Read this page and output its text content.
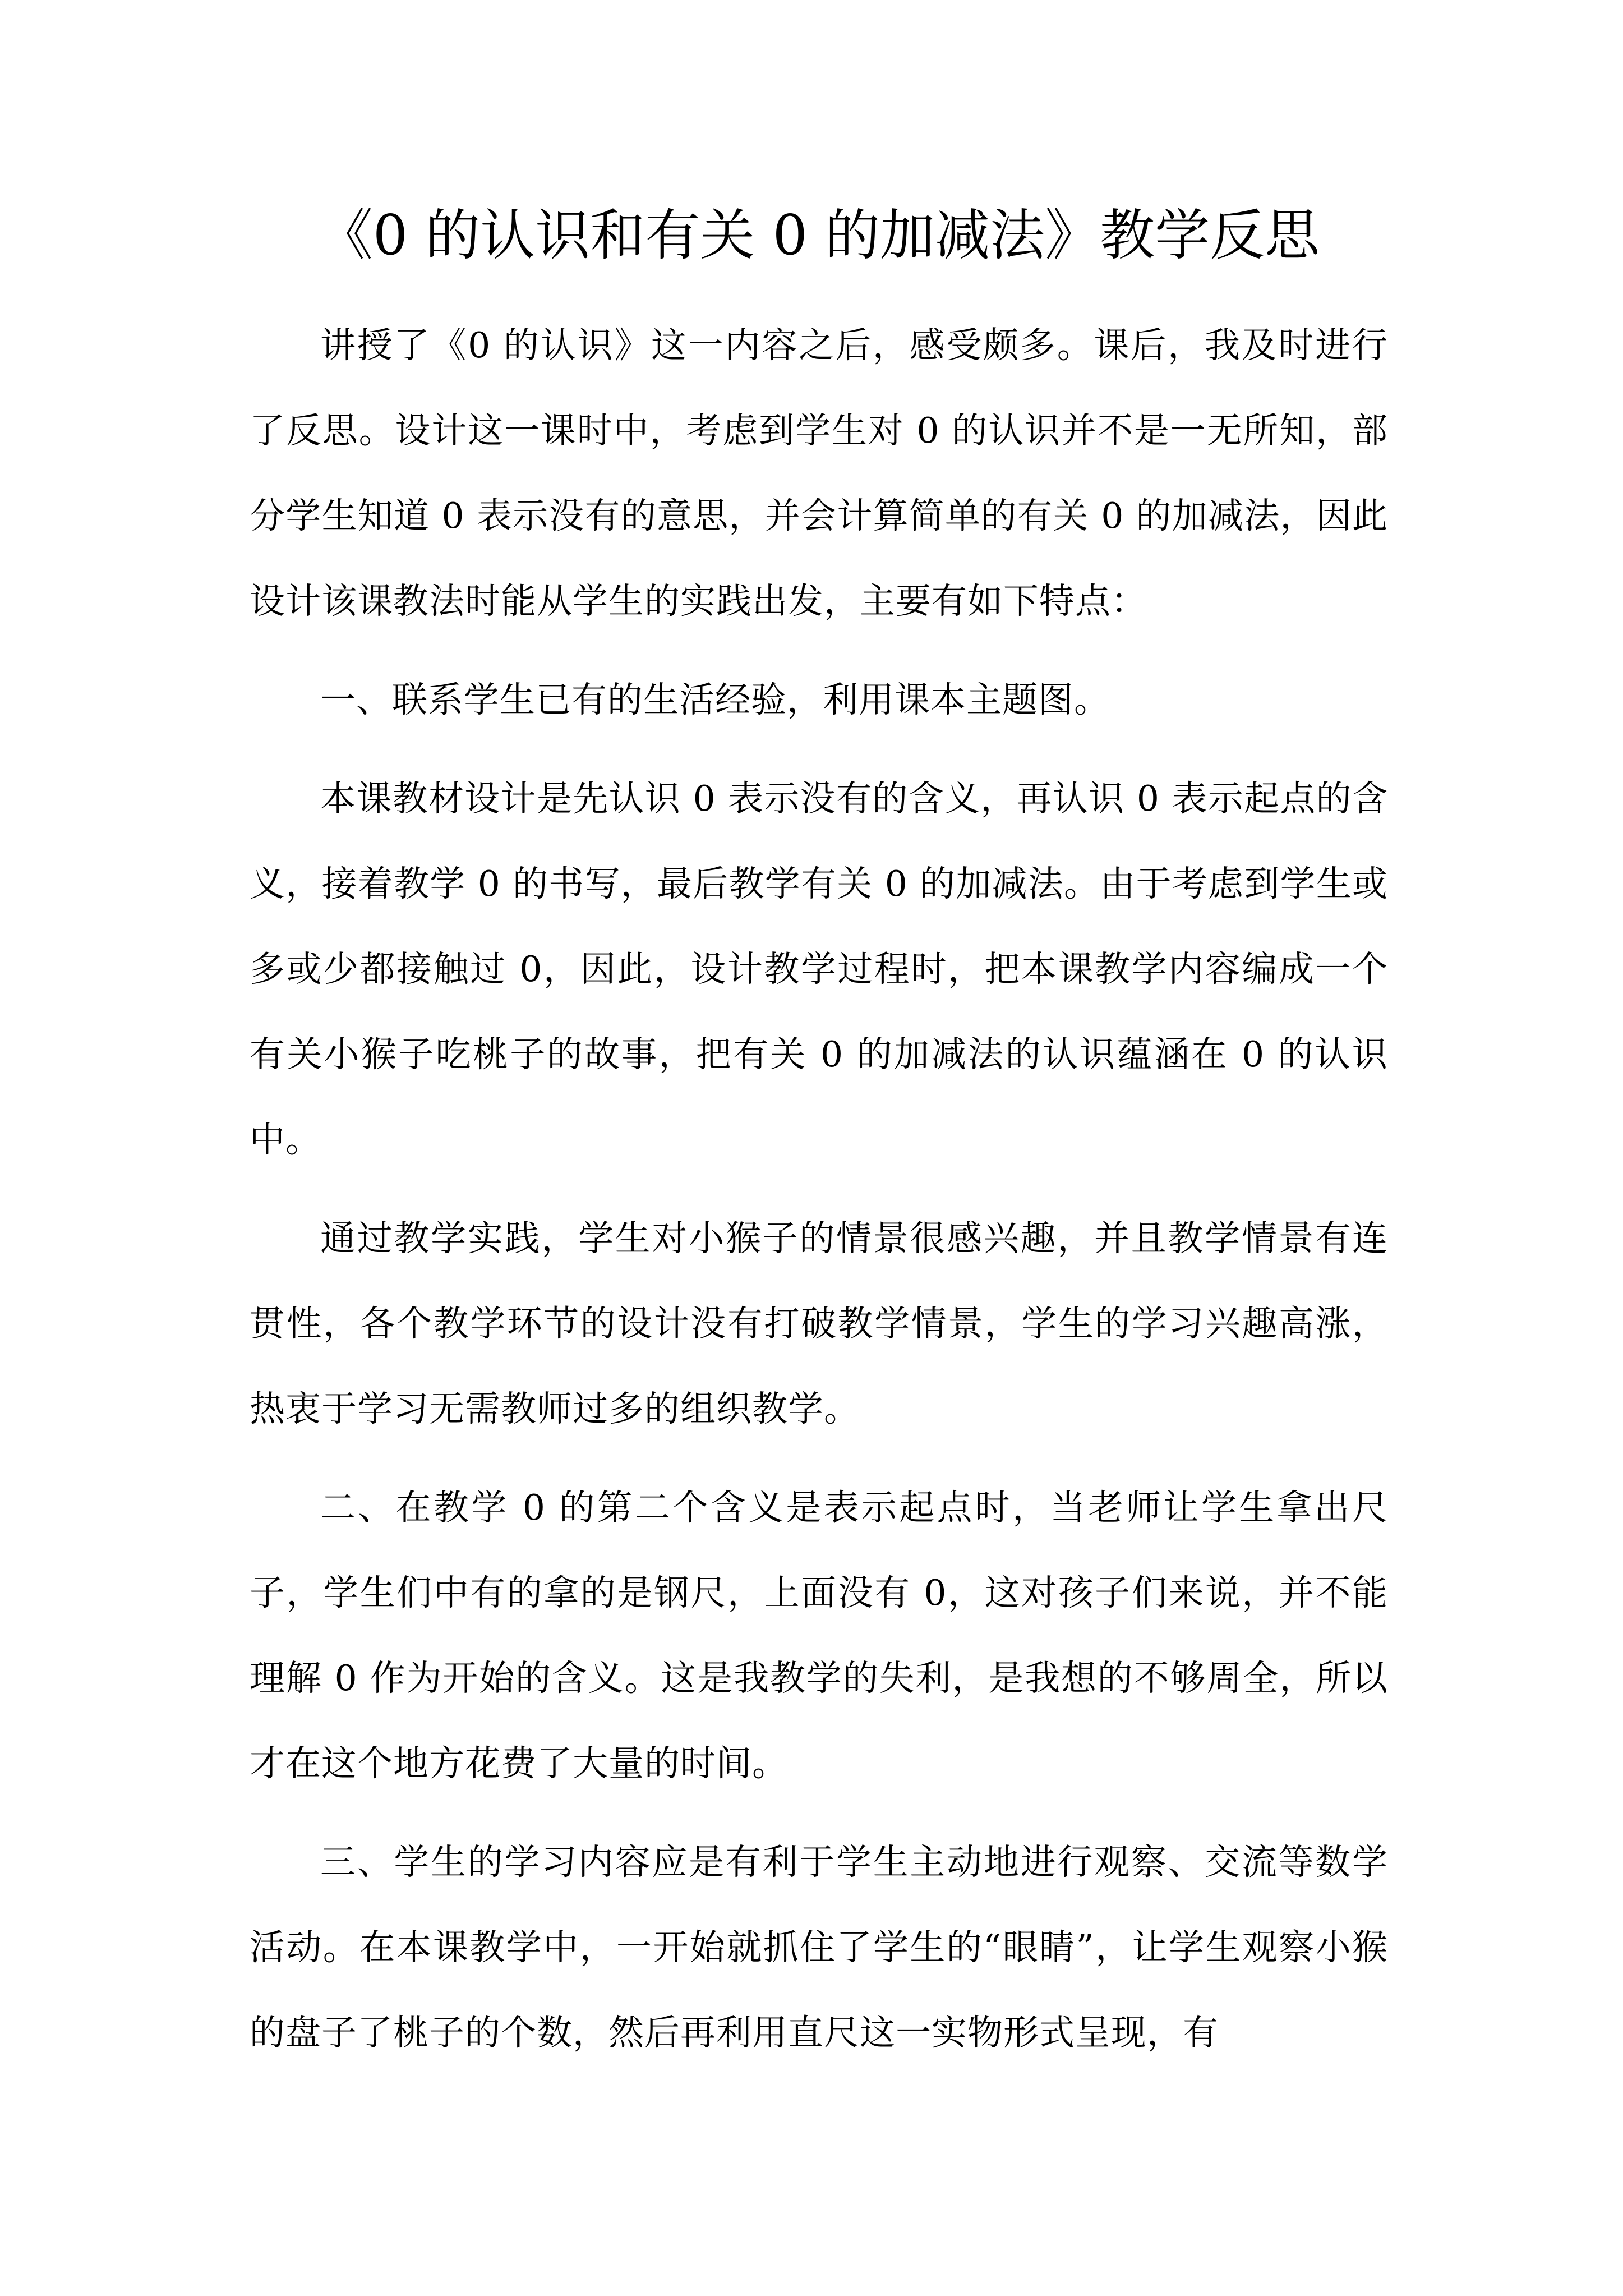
《0 的认识和有关 0 的加减法》教学反思

讲授了《0 的认识》这一内容之后，感受颇多。课后，我及时进行了反思。设计这一课时中，考虑到学生对 0 的认识并不是一无所知，部分学生知道 0 表示没有的意思，并会计算简单的有关 0 的加减法，因此设计该课教法时能从学生的实践出发，主要有如下特点：

一、联系学生已有的生活经验，利用课本主题图。

本课教材设计是先认识 0 表示没有的含义，再认识 0 表示起点的含义，接着教学 0 的书写，最后教学有关 0 的加减法。由于考虑到学生或多或少都接触过 0，因此，设计教学过程时，把本课教学内容编成一个有关小猴子吃桃子的故事，把有关 0 的加减法的认识蕴涵在 0 的认识中。

通过教学实践，学生对小猴子的情景很感兴趣，并且教学情景有连贯性，各个教学环节的设计没有打破教学情景，学生的学习兴趣高涨，热衷于学习无需教师过多的组织教学。

二、在教学 0 的第二个含义是表示起点时，当老师让学生拿出尺子，学生们中有的拿的是钢尺，上面没有 0，这对孩子们来说，并不能理解 0 作为开始的含义。这是我教学的失利，是我想的不够周全，所以才在这个地方花费了大量的时间。

三、学生的学习内容应是有利于学生主动地进行观察、交流等数学活动。在本课教学中，一开始就抓住了学生的“眼睛”，让学生观察小猴的盘子了桃子的个数，然后再利用直尺这一实物形式呈现，有
